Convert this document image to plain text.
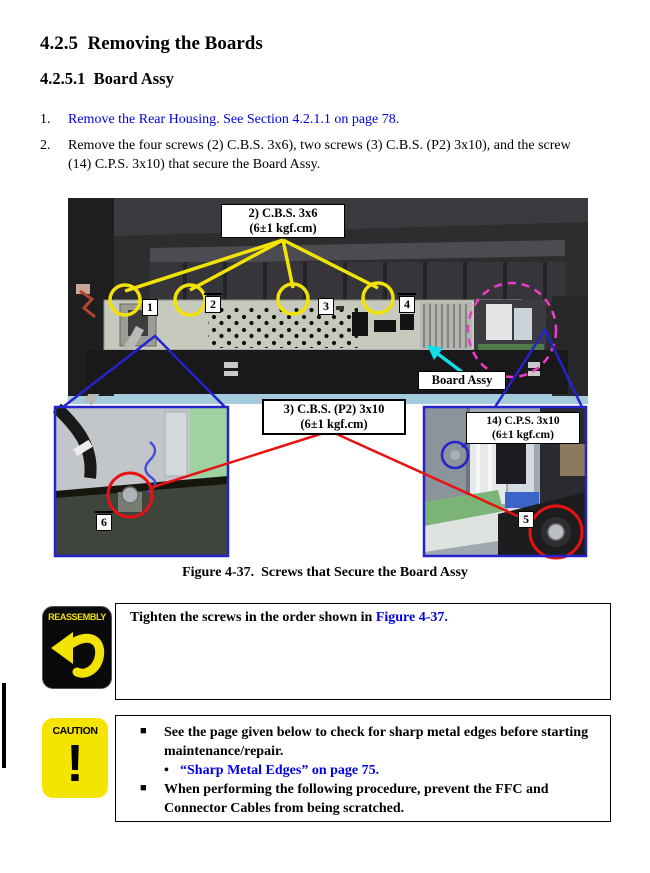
4.2.5  Removing the Boards
4.2.5.1  Board Assy
1. Remove the Rear Housing. See Section 4.2.1.1 on page 78.
2. Remove the four screws (2) C.B.S. 3x6), two screws (3) C.B.S. (P2) 3x10), and the screw (14) C.P.S. 3x10) that secure the Board Assy.
2) C.B.S. 3x6
(6±1 kgf.cm)
1	2	3	4
Board Assy
3) C.B.S. (P2) 3x10
(6±1 kgf.cm)	14) C.P.S. 3x10
(6±1 kgf.cm)
5
6
Figure 4-37.  Screws that Secure the Board Assy
REASSEMBLY Tighten the screws in the order shown in Figure 4-37.
CAUTION
!
■ See the page given below to check for sharp metal edges before starting maintenance/repair.
• “Sharp Metal Edges” on page 75.
■ When performing the following procedure, prevent the FFC and Connector Cables from being scratched.
